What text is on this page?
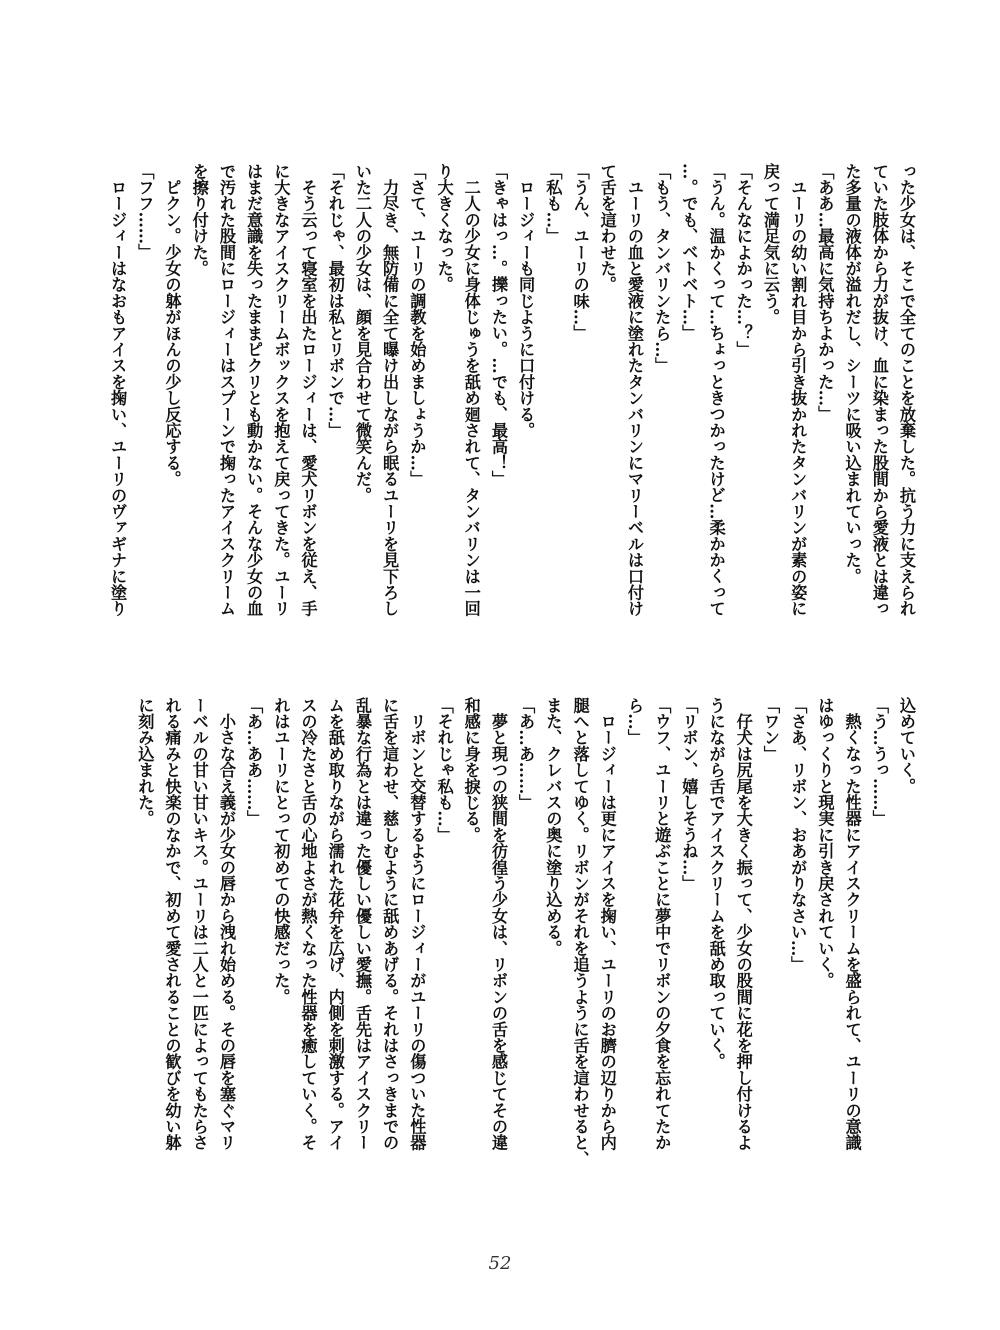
った少女は、そこで全てのことを放棄した。抗う力に支えられ
ていた肢体から力が抜け、血に染まった股間から愛液とは違っ
た多量の液体が溢れだし、シーツに吸い込まれていった。
「ああ…最高に気持ちよかった…」
　ユーリの幼い割れ目から引き抜かれたタンバリンが素の姿に
戻って満足気に云う。
「そんなによかった…？」
「うん。温かくって…ちょっときつかったけど…柔かかくって
…。でも、ベトベト…」
「もう、タンバリンたら…」
　ユーリの血と愛液に塗れたタンバリンにマリーベルは口付け
て舌を這わせた。
「うん、ユーリの味…」
「私も…」
　ロージィーも同じように口付ける。
「きゃはっ…。擽ったい。…でも、最高！」
　二人の少女に身体じゅうを舐め廻されて、タンバリンは一回
り大きくなった。
「さて、ユーリの調教を始めましょうか…」
　力尽き、無防備に全て曝け出しながら眠るユーリを見下ろし
いた二人の少女は、顔を見合わせて微笑んだ。
「それじゃ、最初は私とリボンで…」
　そう云って寝室を出たロージィーは、愛犬リボンを従え、手
に大きなアイスクリームボックスを抱えて戻ってきた。ユーリ
はまだ意識を失ったままピクリとも動かない。そんな少女の血
で汚れた股間にロージィーはスプーンで掬ったアイスクリーム
を擦り付けた。
　ピクン。少女の躰がほんの少し反応する。
「フフ……」
　ロージィーはなおもアイスを掬い、ユーリのヴァギナに塗り
込めていく。
「う…うっ……」
　熱くなった性器にアイスクリームを盛られて、ユーリの意識
はゆっくりと現実に引き戻されていく。
「さあ、リボン、おあがりなさい…」
「ワン」
　仔犬は尻尾を大きく振って、少女の股間に花を押し付けるよ
うにながら舌でアイスクリームを舐め取っていく。
「リボン、嬉しそうね…」
「ウフ、ユーリと遊ぶことに夢中でリボンの夕食を忘れてたか
ら…」
　ロージィーは更にアイスを掬い、ユーリのお臍の辺りから内
腿へと落してゆく。リボンがそれを追うように舌を這わせると、
また、クレバスの奥に塗り込める。
「あ…あ……」
　夢と現つの狭間を彷徨う少女は、リボンの舌を感じてその違
和感に身を捩じる。
「それじゃ私も…」
　リボンと交替するようにロージィーがユーリの傷ついた性器
に舌を這わせ、慈しむように舐めあげる。それはさっきまでの
乱暴な行為とは違った優しい優しい愛撫。舌先はアイスクリー
ムを舐め取りながら濡れた花弁を広げ、内側を刺激する。アイ
スの冷たさと舌の心地よさが熱くなった性器を癒していく。そ
れはユーリにとって初めての快感だった。
「あ…ああ……」
　小さな合え義が少女の唇から洩れ始める。その唇を塞ぐマリ
ーベルの甘い甘いキス。ユーリは二人と一匹によってもたらさ
れる痛みと快楽のなかで、初めて愛されることの歓びを幼い躰
に刻み込まれた。
52
